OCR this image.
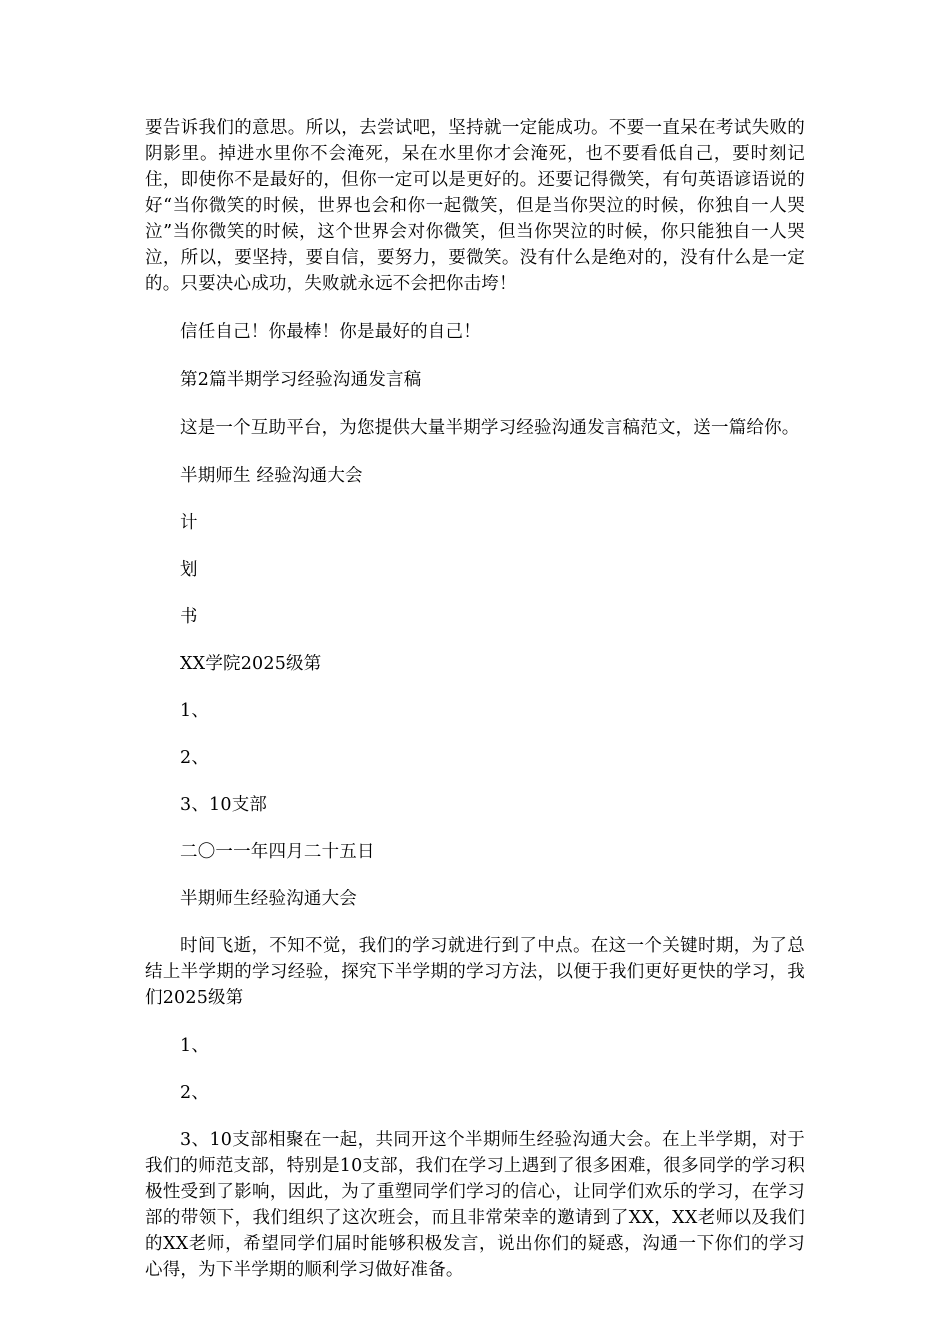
要告诉我们的意思。所以，去尝试吧，坚持就一定能成功。不要一直呆在考试失败的阴影里。掉进水里你不会淹死，呆在水里你才会淹死，也不要看低自己，要时刻记住，即使你不是最好的，但你一定可以是更好的。还要记得微笑，有句英语谚语说的好“当你微笑的时候，世界也会和你一起微笑，但是当你哭泣的时候，你独自一人哭泣”当你微笑的时候，这个世界会对你微笑，但当你哭泣的时候，你只能独自一人哭泣，所以，要坚持，要自信，要努力，要微笑。没有什么是绝对的，没有什么是一定的。只要决心成功，失败就永远不会把你击垮！

信任自己！你最棒！你是最好的自己！

第2篇半期学习经验沟通发言稿

这是一个互助平台，为您提供大量半期学习经验沟通发言稿范文，送一篇给你。

半期师生 经验沟通大会

计

划

书

XX学院2025级第

1、

2、

3、10支部

二〇一一年四月二十五日

半期师生经验沟通大会

时间飞逝，不知不觉，我们的学习就进行到了中点。在这一个关键时期，为了总结上半学期的学习经验，探究下半学期的学习方法，以便于我们更好更快的学习，我们2025级第

1、

2、

3、10支部相聚在一起，共同开这个半期师生经验沟通大会。在上半学期，对于我们的师范支部，特别是10支部，我们在学习上遇到了很多困难，很多同学的学习积极性受到了影响，因此，为了重塑同学们学习的信心，让同学们欢乐的学习，在学习部的带领下，我们组织了这次班会，而且非常荣幸的邀请到了XX，XX老师以及我们的XX老师，希望同学们届时能够积极发言，说出你们的疑惑，沟通一下你们的学习心得，为下半学期的顺利学习做好准备。
